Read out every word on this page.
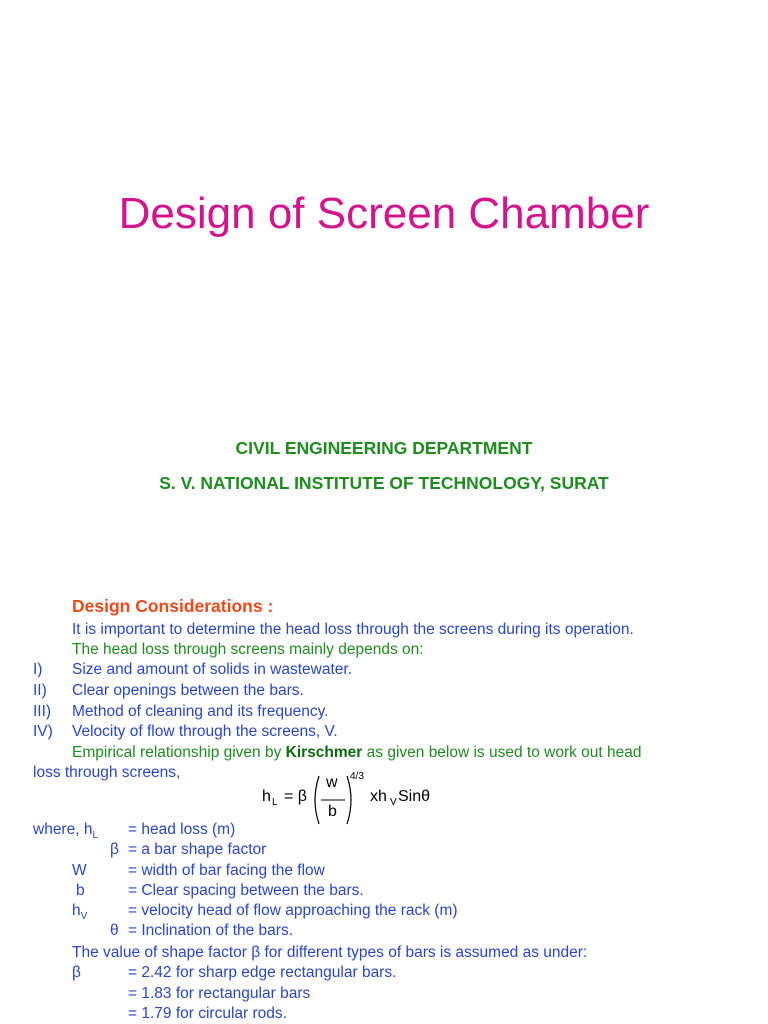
Design of Screen Chamber
CIVIL ENGINEERING DEPARTMENT
S. V. NATIONAL INSTITUTE OF TECHNOLOGY, SURAT
Design Considerations :
It is important to determine the head loss through the screens during its operation.
The head loss through screens mainly depends on:
I) Size and amount of solids in wastewater.
II) Clear openings between the bars.
III) Method of cleaning and its frequency.
IV) Velocity of flow through the screens, V.
Empirical relationship given by Kirschmer as given below is used to work out head
loss through screens,
h L = β
w
b
4/3
xh V Sinθ
where, $h_L$ = head loss (m)
β = a bar shape factor
W	= width of bar facing the flow
b	= Clear spacing between the bars.
$h_V$	= velocity head of flow approaching the rack (m)
θ = Inclination of the bars.
The value of shape factor β for different types of bars is assumed as under:
β	= 2.42 for sharp edge rectangular bars.
= 1.83 for rectangular bars
= 1.79 for circular rods.
